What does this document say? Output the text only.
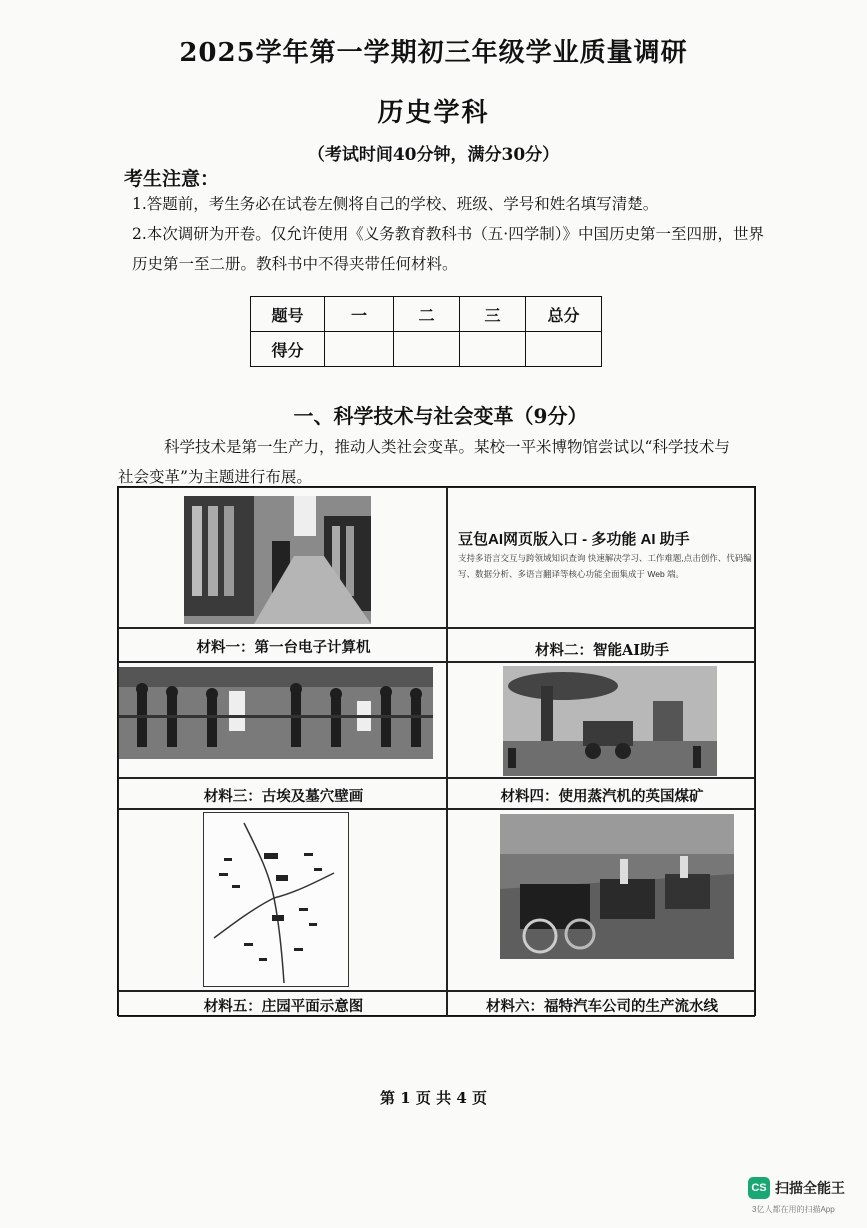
2025学年第一学期初三年级学业质量调研
历史学科
（考试时间40分钟，满分30分）
考生注意：
1.答题前，考生务必在试卷左侧将自己的学校、班级、学号和姓名填写清楚。
2.本次调研为开卷。仅允许使用《义务教育教科书（五·四学制）》中国历史第一至四册，世界历史第一至二册。教科书中不得夹带任何材料。
题号	一	二	三	总分
得分				
一、科学技术与社会变革（9分）
科学技术是第一生产力，推动人类社会变革。某校一平米博物馆尝试以“科学技术与社会变革”为主题进行布展。
材料一：第一台电子计算机
豆包AI网页版入口 - 多功能 AI 助手
支持多语言交互与跨领域知识查询 快速解决学习、工作难题,点击创作、代码编写、数据分析、多语言翻译等核心功能全面集成于 Web 端。
材料二：智能AI助手
材料三：古埃及墓穴壁画	材料四：使用蒸汽机的英国煤矿
材料五：庄园平面示意图	材料六：福特汽车公司的生产流水线
第 1 页 共 4 页
CS 扫描全能王
3亿人都在用的扫描App
